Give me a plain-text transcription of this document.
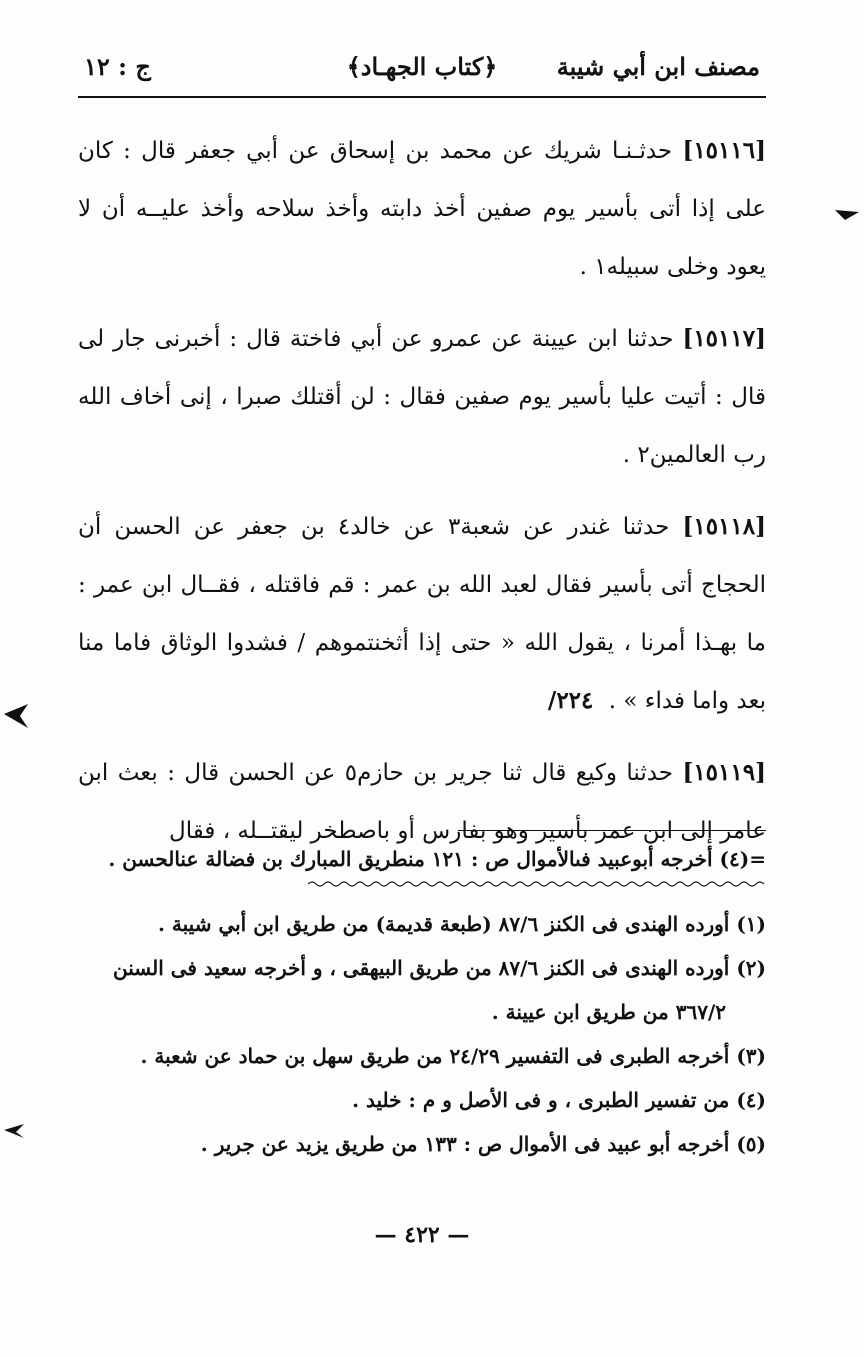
مصنف ابن أبي شيبة
﴿كتاب الجهـاد﴾
ج : ١٢

[١٥١١٦] حدثـنـا شريك عن محمد بن إسحاق عن أبي جعفر قال : كان على إذا أتى بأسير يوم صفين أخذ دابته وأخذ سلاحه وأخذ عليــه أن لا يعود وخلى سبيله١ .

[١٥١١٧] حدثنا ابن عيينة عن عمرو عن أبي فاختة قال : أخبرنى جار لى قال : أتيت عليا بأسير يوم صفين فقال : لن أقتلك صبرا ، إنى أخاف الله رب العالمين٢ .

[١٥١١٨] حدثنا غندر عن شعبة٣ عن خالد٤ بن جعفر عن الحسن أن الحجاج أتى بأسير فقال لعبد الله بن عمر : قم فاقتله ، فقــال ابن عمر : ما بهـذا أمرنا ، يقول الله « حتى إذا أثخنتموهم / فشدوا الوثاق فاما منا بعد واما فداء » . ٢٢٤/

[١٥١١٩] حدثنا وكيع قال ثنا جرير بن حازم٥ عن الحسن قال : بعث ابن عامر إلى ابن عمر بأسير وهو بفارس أو باصطخر ليقتــله ، فقال

=(٤) أخرجه أبوعبيد فىالأموال ص : ١٢١ منطريق المبارك بن فضالة عنالحسن .

(١) أورده الهندى فى الكنز ٨٧/٦ (طبعة قديمة) من طريق ابن أبي شيبة .

(٢) أورده الهندى فى الكنز ٨٧/٦ من طريق البيهقى ، و أخرجه سعيد فى السنن

٣٦٧/٢ من طريق ابن عيينة .

(٣) أخرجه الطبرى فى التفسير ٢٤/٢٩ من طريق سهل بن حماد عن شعبة .

(٤) من تفسير الطبرى ، و فى الأصل و م : خليد .

(٥) أخرجه أبو عبيد فى الأموال ص : ١٣٣ من طريق يزيد عن جرير .

— ٤٢٢ —
